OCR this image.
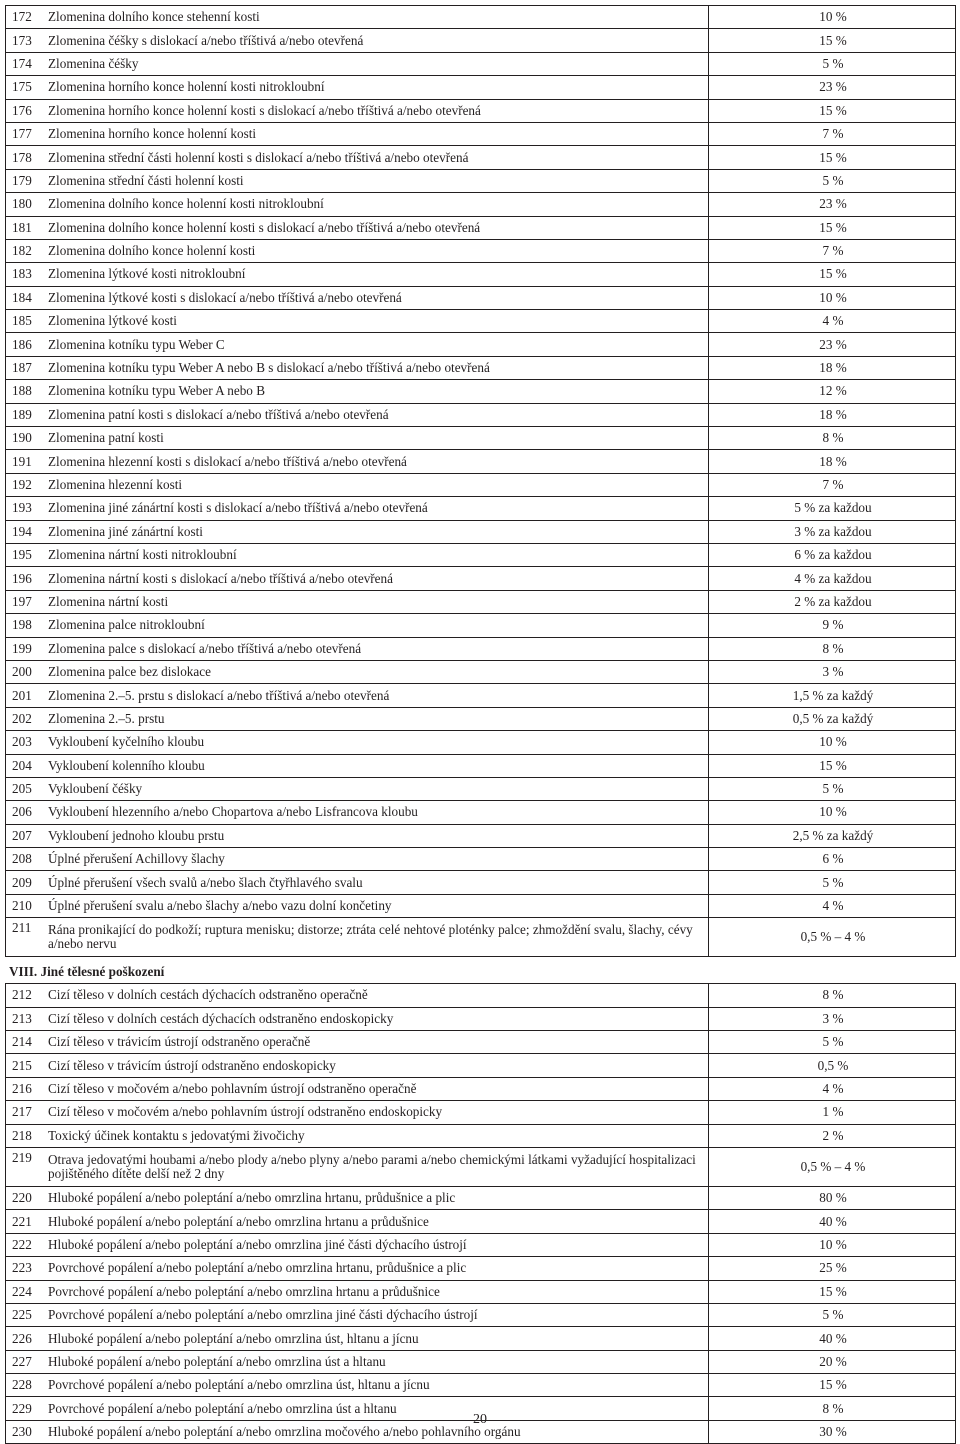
172	Zlomenina dolního konce stehenní kosti	10 %
173	Zlomenina čéšky s dislokací a/nebo tříštivá a/nebo otevřená	15 %
174	Zlomenina čéšky	5 %
175	Zlomenina horního konce holenní kosti nitrokloubní	23 %
176	Zlomenina horního konce holenní kosti s dislokací a/nebo tříštivá a/nebo otevřená	15 %
177	Zlomenina horního konce holenní kosti	7 %
178	Zlomenina střední části holenní kosti s dislokací a/nebo tříštivá a/nebo otevřená	15 %
179	Zlomenina střední části holenní kosti	5 %
180	Zlomenina dolního konce holenní kosti nitrokloubní	23 %
181	Zlomenina dolního konce holenní kosti s dislokací a/nebo tříštivá a/nebo otevřená	15 %
182	Zlomenina dolního konce holenní kosti	7 %
183	Zlomenina lýtkové kosti nitrokloubní	15 %
184	Zlomenina lýtkové kosti s dislokací a/nebo tříštivá a/nebo otevřená	10 %
185	Zlomenina lýtkové kosti	4 %
186	Zlomenina kotníku typu Weber C	23 %
187	Zlomenina kotníku typu Weber A nebo B s dislokací a/nebo tříštivá a/nebo otevřená	18 %
188	Zlomenina kotníku typu Weber A nebo B	12 %
189	Zlomenina patní kosti s dislokací a/nebo tříštivá a/nebo otevřená	18 %
190	Zlomenina patní kosti	8 %
191	Zlomenina hlezenní kosti s dislokací a/nebo tříštivá a/nebo otevřená	18 %
192	Zlomenina hlezenní kosti	7 %
193	Zlomenina jiné zánártní kosti s dislokací a/nebo tříštivá a/nebo otevřená	5 % za každou
194	Zlomenina jiné zánártní kosti	3 % za každou
195	Zlomenina nártní kosti nitrokloubní	6 % za každou
196	Zlomenina nártní kosti s dislokací a/nebo tříštivá a/nebo otevřená	4 % za každou
197	Zlomenina nártní kosti	2 % za každou
198	Zlomenina palce nitrokloubní	9 %
199	Zlomenina palce s dislokací a/nebo tříštivá a/nebo otevřená	8 %
200	Zlomenina palce bez dislokace	3 %
201	Zlomenina 2.–5. prstu s dislokací a/nebo tříštivá a/nebo otevřená	1,5 % za každý
202	Zlomenina 2.–5. prstu	0,5 % za každý
203	Vykloubení kyčelního kloubu	10 %
204	Vykloubení kolenního kloubu	15 %
205	Vykloubení čéšky	5 %
206	Vykloubení hlezenního a/nebo Chopartova a/nebo Lisfrancova kloubu	10 %
207	Vykloubení jednoho kloubu prstu	2,5 % za každý
208	Úplné přerušení Achillovy šlachy	6 %
209	Úplné přerušení všech svalů a/nebo šlach čtyřhlavého svalu	5 %
210	Úplné přerušení svalu a/nebo šlachy a/nebo vazu dolní končetiny	4 %
211	Rána pronikající do podkoží; ruptura menisku; distorze; ztráta celé nehtové ploténky palce; zhmoždění svalu, šlachy, cévy a/nebo nervu	0,5 % – 4 %
VIII. Jiné tělesné poškození
212	Cizí těleso v dolních cestách dýchacích odstraněno operačně	8 %
213	Cizí těleso v dolních cestách dýchacích odstraněno endoskopicky	3 %
214	Cizí těleso v trávicím ústrojí odstraněno operačně	5 %
215	Cizí těleso v trávicím ústrojí odstraněno endoskopicky	0,5 %
216	Cizí těleso v močovém a/nebo pohlavním ústrojí odstraněno operačně	4 %
217	Cizí těleso v močovém a/nebo pohlavním ústrojí odstraněno endoskopicky	1 %
218	Toxický účinek kontaktu s jedovatými živočichy	2 %
219	Otrava jedovatými houbami a/nebo plody a/nebo plyny a/nebo parami a/nebo chemickými látkami vyžadující hospitalizaci pojištěného dítěte delší než 2 dny	0,5 % – 4 %
220	Hluboké popálení a/nebo poleptání a/nebo omrzlina hrtanu, průdušnice a plic	80 %
221	Hluboké popálení a/nebo poleptání a/nebo omrzlina hrtanu a průdušnice	40 %
222	Hluboké popálení a/nebo poleptání a/nebo omrzlina jiné části dýchacího ústrojí	10 %
223	Povrchové popálení a/nebo poleptání a/nebo omrzlina hrtanu, průdušnice a plic	25 %
224	Povrchové popálení a/nebo poleptání a/nebo omrzlina hrtanu a průdušnice	15 %
225	Povrchové popálení a/nebo poleptání a/nebo omrzlina jiné části dýchacího ústrojí	5 %
226	Hluboké popálení a/nebo poleptání a/nebo omrzlina úst, hltanu a jícnu	40 %
227	Hluboké popálení a/nebo poleptání a/nebo omrzlina úst a hltanu	20 %
228	Povrchové popálení a/nebo poleptání a/nebo omrzlina úst, hltanu a jícnu	15 %
229	Povrchové popálení a/nebo poleptání a/nebo omrzlina úst a hltanu	8 %
230	Hluboké popálení a/nebo poleptání a/nebo omrzlina močového a/nebo pohlavního orgánu	30 %
20
